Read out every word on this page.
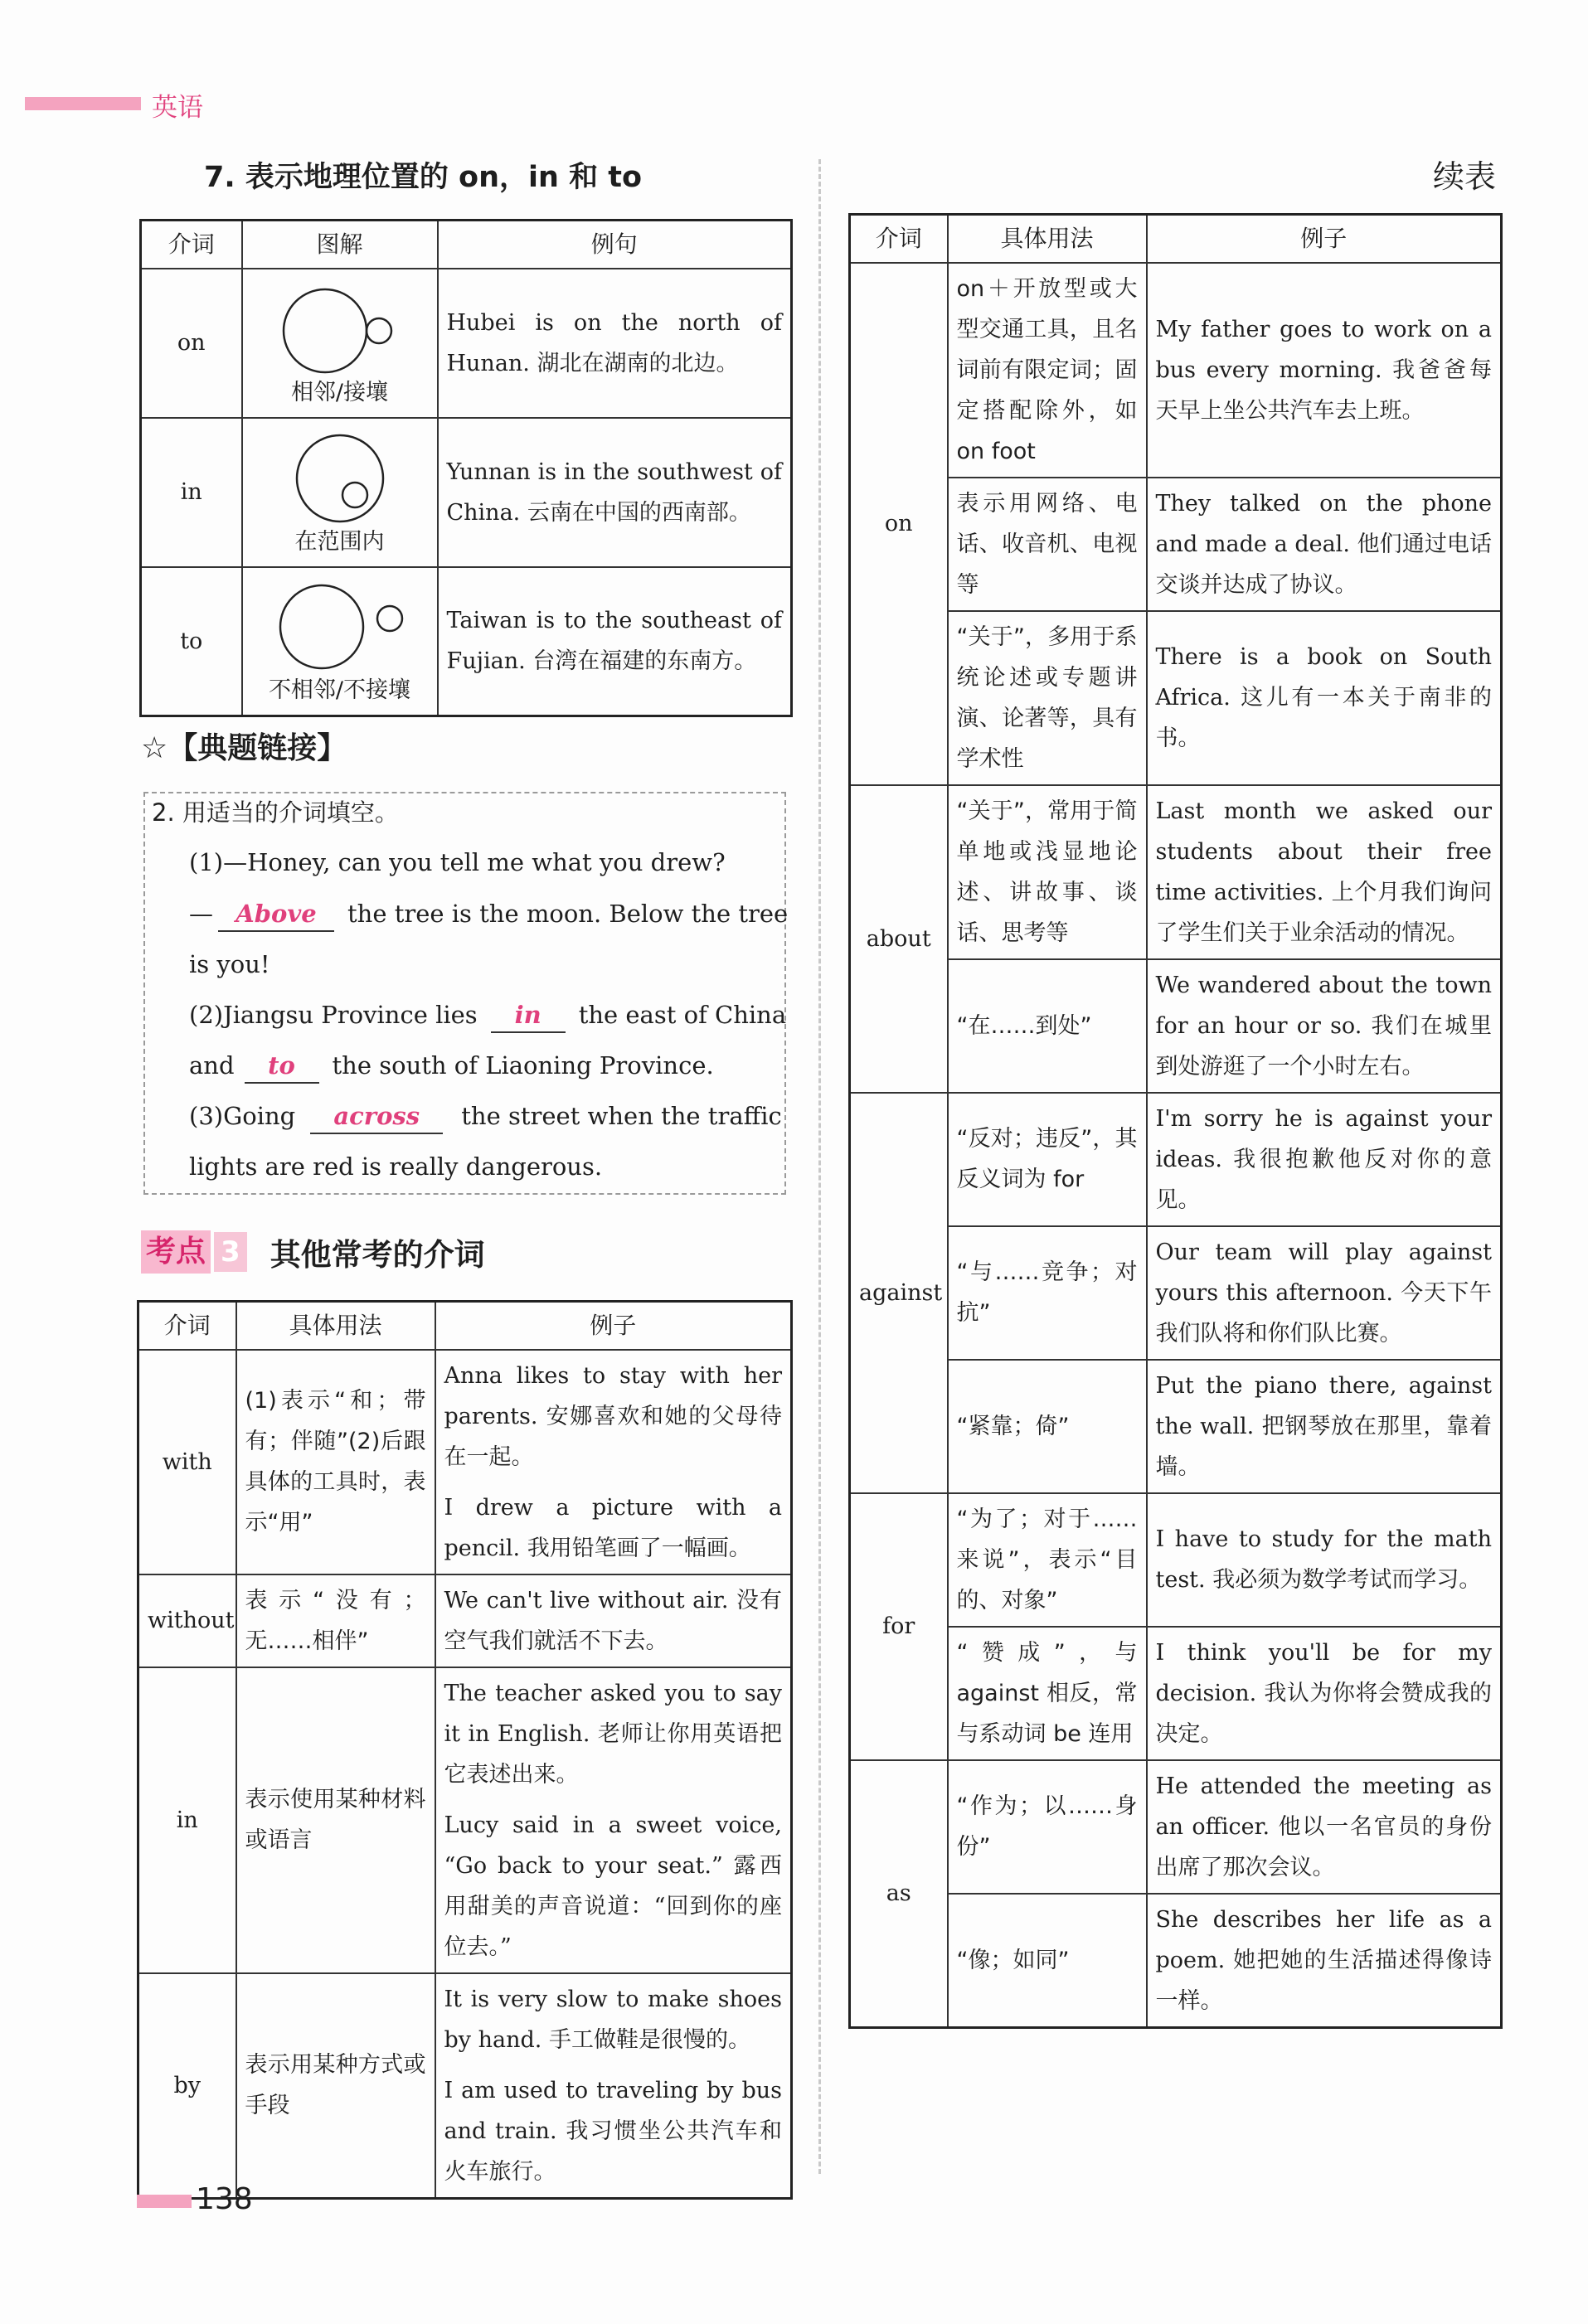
英语
7. 表示地理位置的 on，in 和 to	续表
介词	图解	例句
on	相邻/接壤	Hubei is on the north of Hunan. 湖北在湖南的北边。
in	在范围内	Yunnan is in the southwest of China. 云南在中国的西南部。
to	不相邻/不接壤	Taiwan is to the southeast of Fujian. 台湾在福建的东南方。
☆【典题链接】
2. 用适当的介词填空。
(1)—Honey, can you tell me what you drew?
— Above the tree is the moon. Below the tree
is you!
(2)Jiangsu Province lies in the east of China
and to the south of Liaoning Province.
(3)Going across the street when the traffic
lights are red is really dangerous.
考点 3 其他常考的介词
介词	具体用法	例子
with	(1)表示“和；带有；伴随”(2)后跟具体的工具时，表示“用”	Anna likes to stay with her parents. 安娜喜欢和她的父母待在一起。
		I drew a picture with a pencil. 我用铅笔画了一幅画。
without	表示“没有；无……相伴”	We can't live without air. 没有空气我们就活不下去。
in	表示使用某种材料或语言	The teacher asked you to say it in English. 老师让你用英语把它表述出来。
		Lucy said in a sweet voice, “Go back to your seat.” 露西用甜美的声音说道：“回到你的座位去。”
by	表示用某种方式或手段	It is very slow to make shoes by hand. 手工做鞋是很慢的。
		I am used to traveling by bus and train. 我习惯坐公共汽车和火车旅行。
介词	具体用法	例子
on	on＋开放型或大型交通工具，且名词前有限定词；固定搭配除外，如 on foot	My father goes to work on a bus every morning. 我爸爸每天早上坐公共汽车去上班。
	表示用网络、电话、收音机、电视等	They talked on the phone and made a deal. 他们通过电话交谈并达成了协议。
	“关于”，多用于系统论述或专题讲演、论著等，具有学术性	There is a book on South Africa. 这儿有一本关于南非的书。
about	“关于”，常用于简单地或浅显地论述、讲故事、谈话、思考等	Last month we asked our students about their free time activities. 上个月我们询问了学生们关于业余活动的情况。
	“在……到处”	We wandered about the town for an hour or so. 我们在城里到处游逛了一个小时左右。
against	“反对；违反”，其反义词为 for	I'm sorry he is against your ideas. 我很抱歉他反对你的意见。
	“与……竞争；对抗”	Our team will play against yours this afternoon. 今天下午我们队将和你们队比赛。
	“紧靠；倚”	Put the piano there, against the wall. 把钢琴放在那里，靠着墙。
for	“为了；对于……来说”，表示“目的、对象”	I have to study for the math test. 我必须为数学考试而学习。
	“赞成”，与 against 相反，常与系动词 be 连用	I think you'll be for my decision. 我认为你将会赞成我的决定。
as	“作为；以……身份”	He attended the meeting as an officer. 他以一名官员的身份出席了那次会议。
	“像；如同”	She describes her life as a poem. 她把她的生活描述得像诗一样。
138
